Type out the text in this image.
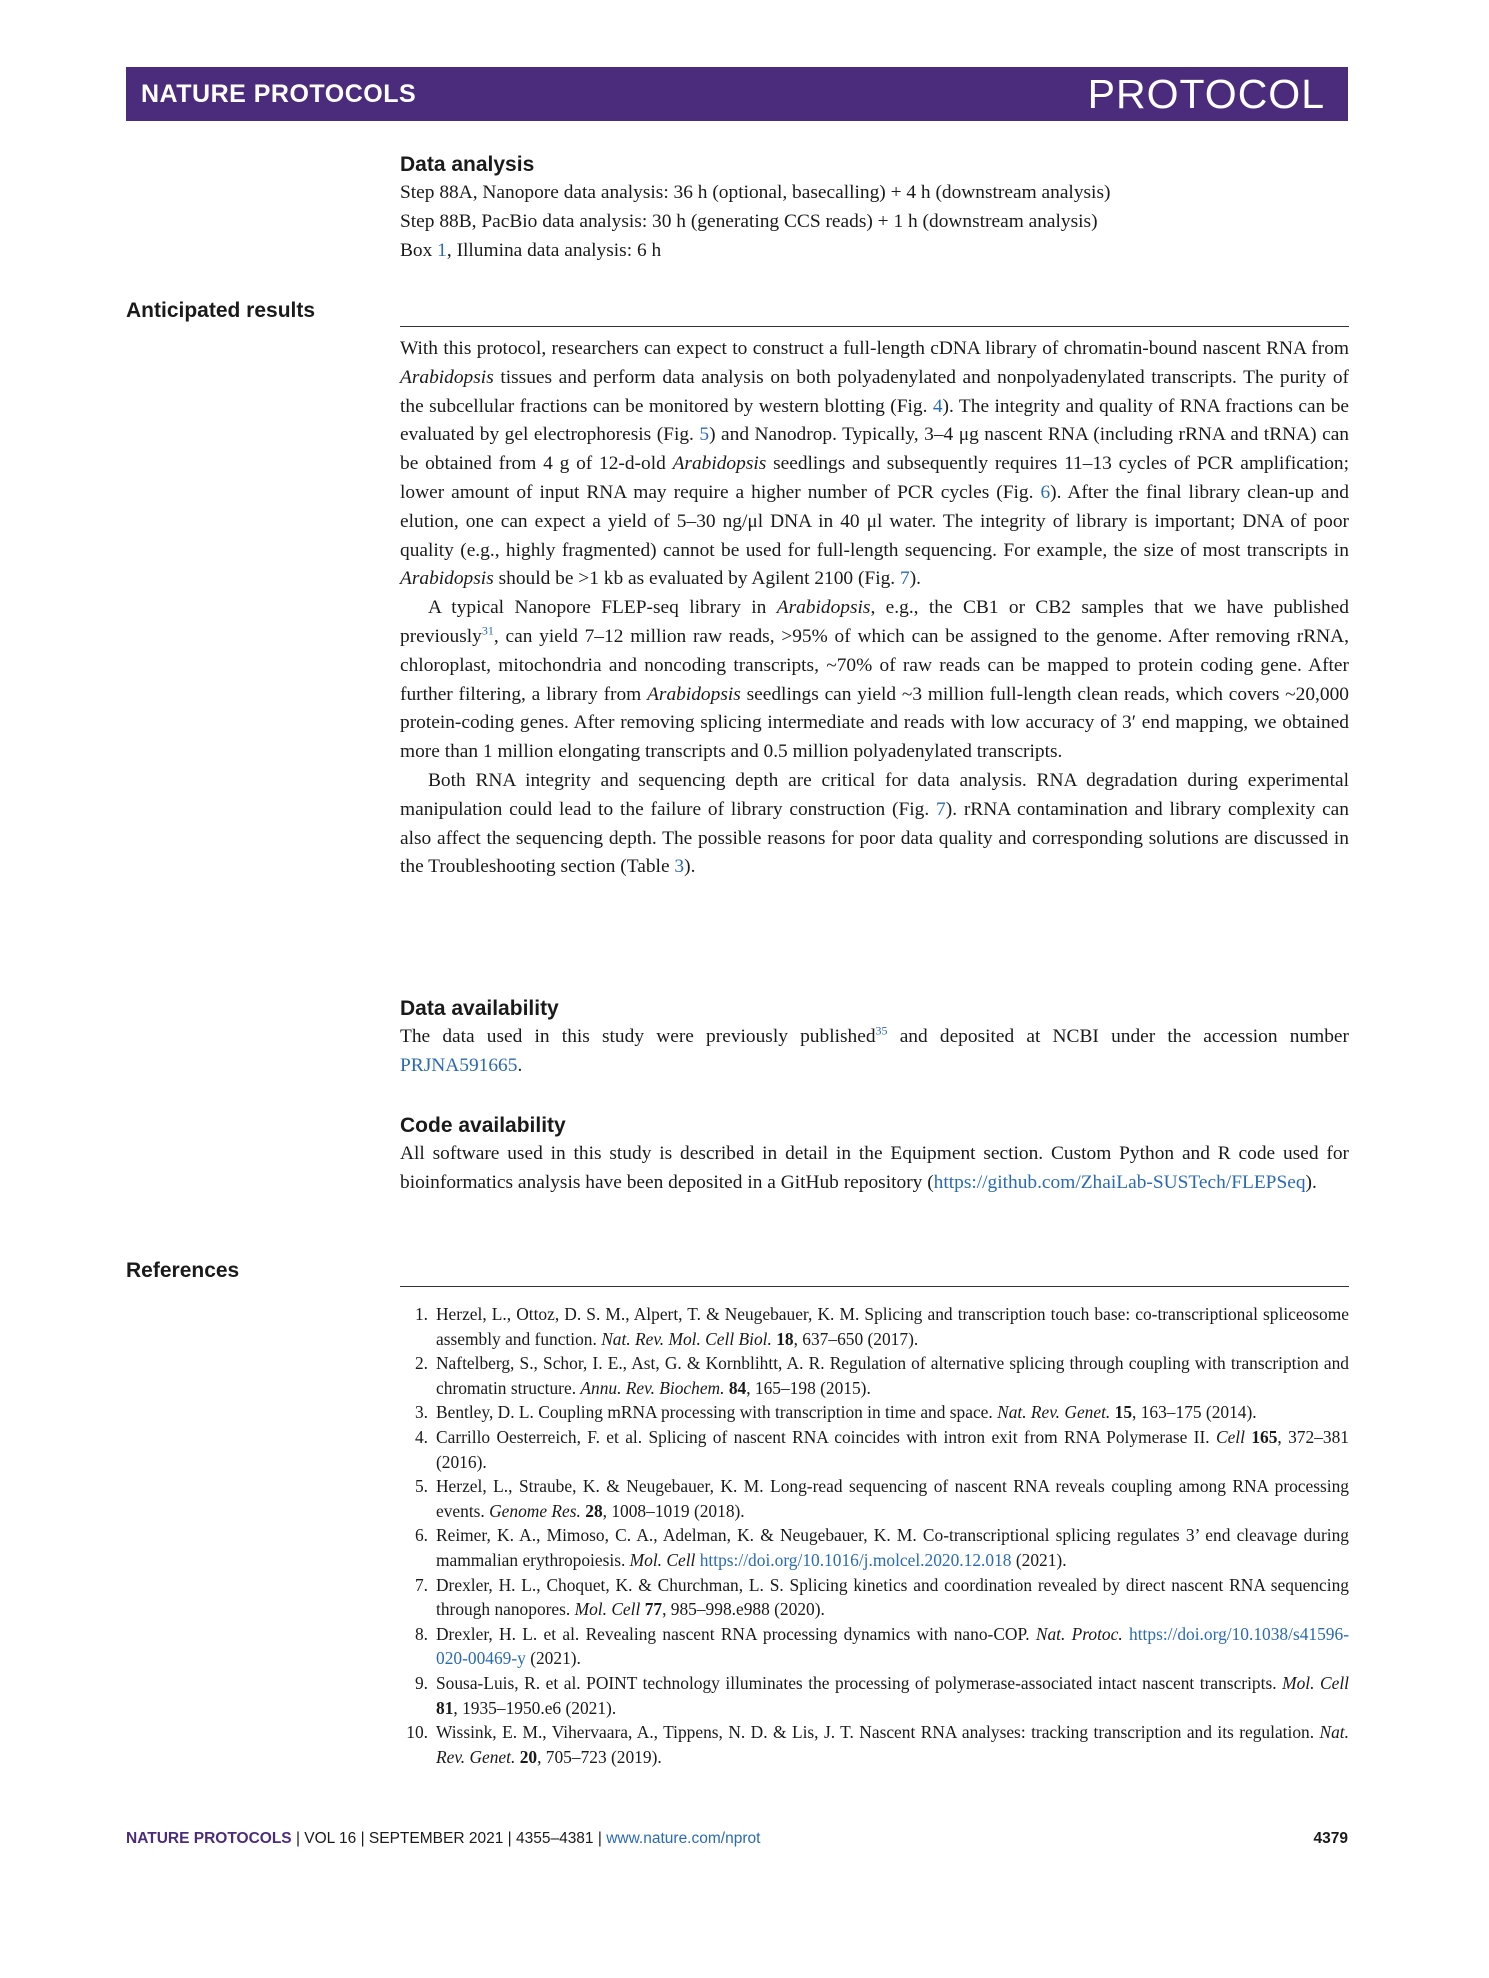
NATURE PROTOCOLS	PROTOCOL
Data analysis
Step 88A, Nanopore data analysis: 36 h (optional, basecalling) + 4 h (downstream analysis)
Step 88B, PacBio data analysis: 30 h (generating CCS reads) + 1 h (downstream analysis)
Box 1, Illumina data analysis: 6 h
Anticipated results

With this protocol, researchers can expect to construct a full-length cDNA library of chromatin-bound nascent RNA from Arabidopsis tissues and perform data analysis on both polyadenylated and nonpolyadenylated transcripts. The purity of the subcellular fractions can be monitored by western blotting (Fig. 4). The integrity and quality of RNA fractions can be evaluated by gel electrophoresis (Fig. 5) and Nanodrop. Typically, 3–4 μg nascent RNA (including rRNA and tRNA) can be obtained from 4 g of 12-d-old Arabidopsis seedlings and subsequently requires 11–13 cycles of PCR amplification; lower amount of input RNA may require a higher number of PCR cycles (Fig. 6). After the final library clean-up and elution, one can expect a yield of 5–30 ng/μl DNA in 40 μl water. The integrity of library is important; DNA of poor quality (e.g., highly fragmented) cannot be used for full-length sequencing. For example, the size of most transcripts in Arabidopsis should be >1 kb as evaluated by Agilent 2100 (Fig. 7).

A typical Nanopore FLEP-seq library in Arabidopsis, e.g., the CB1 or CB2 samples that we have published previously$^{31}$, can yield 7–12 million raw reads, >95% of which can be assigned to the genome. After removing rRNA, chloroplast, mitochondria and noncoding transcripts, ~70% of raw reads can be mapped to protein coding gene. After further filtering, a library from Arabidopsis seedlings can yield ~3 million full-length clean reads, which covers ~20,000 protein-coding genes. After removing splicing intermediate and reads with low accuracy of 3′ end mapping, we obtained more than 1 million elongating transcripts and 0.5 million polyadenylated transcripts.

Both RNA integrity and sequencing depth are critical for data analysis. RNA degradation during experimental manipulation could lead to the failure of library construction (Fig. 7). rRNA contamination and library complexity can also affect the sequencing depth. The possible reasons for poor data quality and corresponding solutions are discussed in the Troubleshooting section (Table 3).

Data availability
The data used in this study were previously published$^{35}$ and deposited at NCBI under the accession number PRJNA591665.
Code availability
All software used in this study is described in detail in the Equipment section. Custom Python and R code used for bioinformatics analysis have been deposited in a GitHub repository (https://github.com/ZhaiLab-SUSTech/FLEPSeq).
References
1. Herzel, L., Ottoz, D. S. M., Alpert, T. & Neugebauer, K. M. Splicing and transcription touch base: co-transcriptional spliceosome assembly and function. Nat. Rev. Mol. Cell Biol. 18, 637–650 (2017).
2. Naftelberg, S., Schor, I. E., Ast, G. & Kornblihtt, A. R. Regulation of alternative splicing through coupling with transcription and chromatin structure. Annu. Rev. Biochem. 84, 165–198 (2015).
3. Bentley, D. L. Coupling mRNA processing with transcription in time and space. Nat. Rev. Genet. 15, 163–175 (2014).
4. Carrillo Oesterreich, F. et al. Splicing of nascent RNA coincides with intron exit from RNA Polymerase II. Cell 165, 372–381 (2016).
5. Herzel, L., Straube, K. & Neugebauer, K. M. Long-read sequencing of nascent RNA reveals coupling among RNA processing events. Genome Res. 28, 1008–1019 (2018).
6. Reimer, K. A., Mimoso, C. A., Adelman, K. & Neugebauer, K. M. Co-transcriptional splicing regulates 3’ end cleavage during mammalian erythropoiesis. Mol. Cell https://doi.org/10.1016/j.molcel.2020.12.018 (2021).
7. Drexler, H. L., Choquet, K. & Churchman, L. S. Splicing kinetics and coordination revealed by direct nascent RNA sequencing through nanopores. Mol. Cell 77, 985–998.e988 (2020).
8. Drexler, H. L. et al. Revealing nascent RNA processing dynamics with nano-COP. Nat. Protoc. https://doi.org/10.1038/s41596-020-00469-y (2021).
9. Sousa-Luis, R. et al. POINT technology illuminates the processing of polymerase-associated intact nascent transcripts. Mol. Cell 81, 1935–1950.e6 (2021).
10. Wissink, E. M., Vihervaara, A., Tippens, N. D. & Lis, J. T. Nascent RNA analyses: tracking transcription and its regulation. Nat. Rev. Genet. 20, 705–723 (2019).
NATURE PROTOCOLS | VOL 16 | SEPTEMBER 2021 | 4355–4381 | www.nature.com/nprot	4379
